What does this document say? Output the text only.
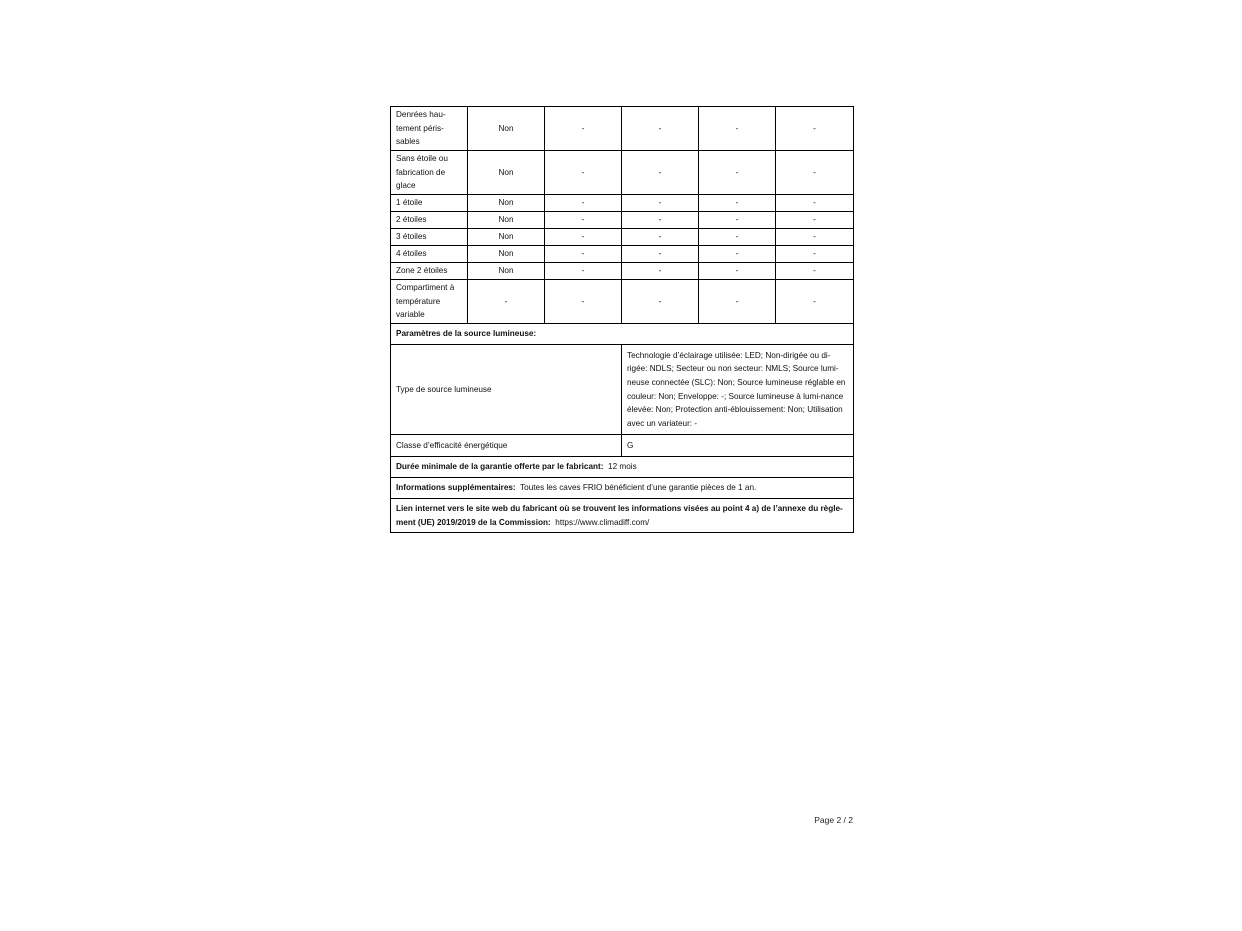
Denrées hau-tement péris-sables	Non	-	-	-	-
Sans étoile ou fabrication de glace	Non	-	-	-	-
1 étoile	Non	-	-	-	-
2 étoiles	Non	-	-	-	-
3 étoiles	Non	-	-	-	-
4 étoiles	Non	-	-	-	-
Zone 2 étoiles	Non	-	-	-	-
Compartiment à température variable	-	-	-	-	-
Paramètres de la source lumineuse:					
Type de source lumineuse			Technologie d’éclairage utilisée: LED; Non-dirigée ou di-rigée: NDLS; Secteur ou non secteur: NMLS; Source lumi-neuse connectée (SLC): Non; Source lumineuse réglable en couleur: Non; Enveloppe: -; Source lumineuse à lumi-nance élevée: Non; Protection anti-éblouissement: Non; Utilisation avec un variateur: -		
Classe d’efficacité énergétique			G		
Durée minimale de la garantie offerte par le fabricant: 12 mois					
Informations supplémentaires: Toutes les caves FRIO bénéficient d’une garantie pièces de 1 an.					
Lien internet vers le site web du fabricant où se trouvent les informations visées au point 4 a) de l’annexe du règle-ment (UE) 2019/2019 de la Commission: https://www.climadiff.com/					
Page 2 / 2
